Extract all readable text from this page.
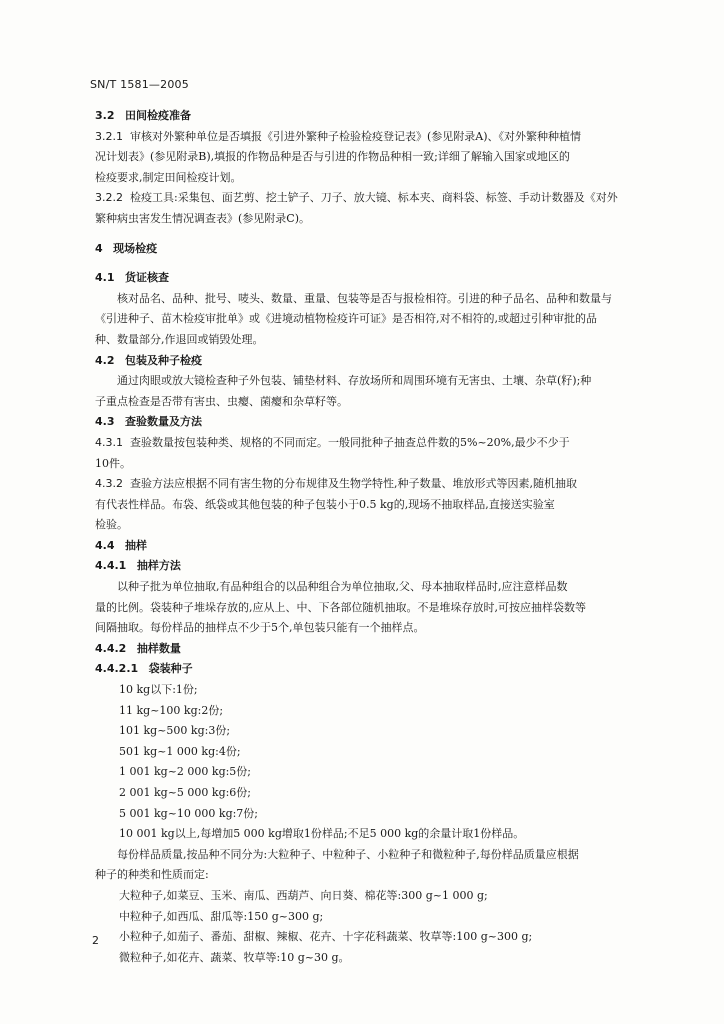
SN/T 1581—2005
3.2 田间检疫准备
3.2.1 审核对外繁种单位是否填报《引进外繁种子检验检疫登记表》(参见附录A)、《对外繁种种植情
况计划表》(参见附录B),填报的作物品种是否与引进的作物品种相一致;详细了解输入国家或地区的
检疫要求,制定田间检疫计划。
3.2.2 检疫工具:采集包、面艺剪、挖土铲子、刀子、放大镜、标本夹、商料袋、标签、手动计数器及《对外
繁种病虫害发生情况调查表》(参见附录C)。
4 现场检疫
4.1 货证核查
核对品名、品种、批号、唛头、数量、重量、包装等是否与报检相符。引进的种子品名、品种和数量与
《引进种子、苗木检疫审批单》或《进境动植物检疫许可证》是否相符,对不相符的,或超过引种审批的品
种、数量部分,作退回或销毁处理。
4.2 包装及种子检疫
通过肉眼或放大镜检查种子外包装、铺垫材料、存放场所和周围环境有无害虫、土壤、杂草(籽);种
子重点检查是否带有害虫、虫瘿、菌瘿和杂草籽等。
4.3 查验数量及方法
4.3.1 查验数量按包装种类、规格的不同而定。一般同批种子抽查总件数的5%~20%,最少不少于
10件。
4.3.2 查验方法应根据不同有害生物的分布规律及生物学特性,种子数量、堆放形式等因素,随机抽取
有代表性样品。布袋、纸袋或其他包装的种子包装小于0.5 kg的,现场不抽取样品,直接送实验室
检验。
4.4 抽样
4.4.1 抽样方法
以种子批为单位抽取,有品种组合的以品种组合为单位抽取,父、母本抽取样品时,应注意样品数
量的比例。袋装种子堆垛存放的,应从上、中、下各部位随机抽取。不是堆垛存放时,可按应抽样袋数等
间隔抽取。每份样品的抽样点不少于5个,单包装只能有一个抽样点。
4.4.2 抽样数量
4.4.2.1 袋装种子
10 kg以下:1份;
11 kg~100 kg:2份;
101 kg~500 kg:3份;
501 kg~1 000 kg:4份;
1 001 kg~2 000 kg:5份;
2 001 kg~5 000 kg:6份;
5 001 kg~10 000 kg:7份;
10 001 kg以上,每增加5 000 kg增取1份样品;不足5 000 kg的余量计取1份样品。
每份样品质量,按品种不同分为:大粒种子、中粒种子、小粒种子和微粒种子,每份样品质量应根据
种子的种类和性质而定:
大粒种子,如菜豆、玉米、南瓜、西葫芦、向日葵、棉花等:300 g~1 000 g;
中粒种子,如西瓜、甜瓜等:150 g~300 g;
小粒种子,如茄子、番茄、甜椒、辣椒、花卉、十字花科蔬菜、牧草等:100 g~300 g;
微粒种子,如花卉、蔬菜、牧草等:10 g~30 g。
2
